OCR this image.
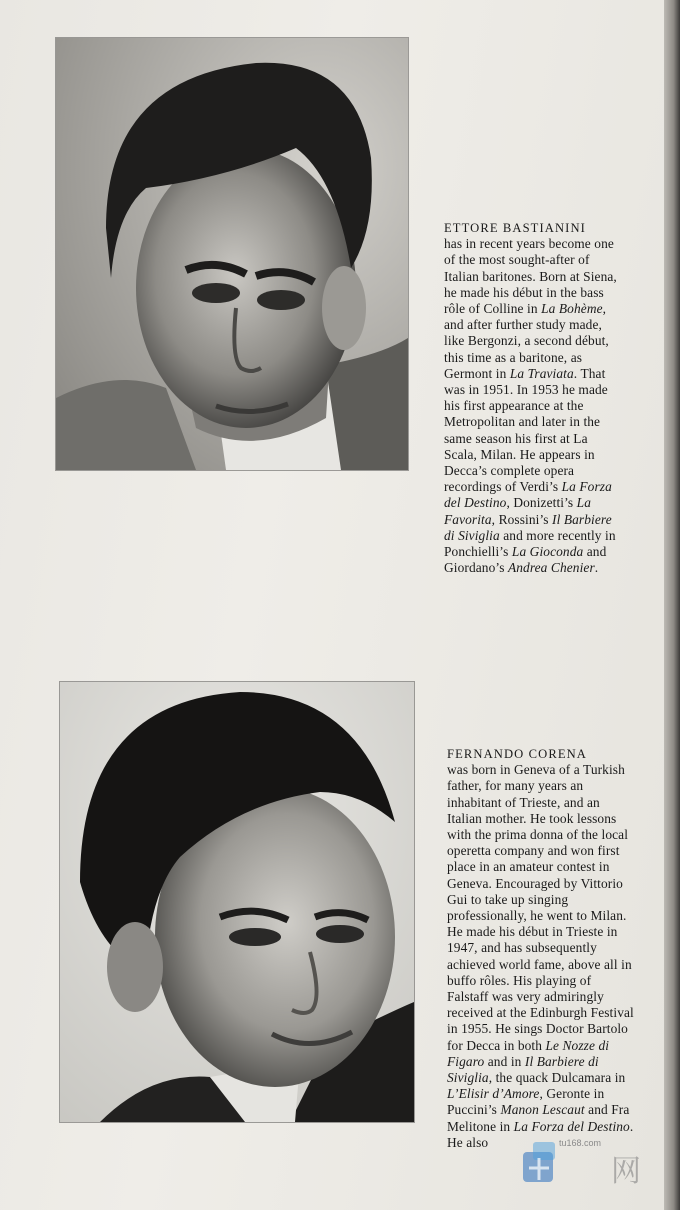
ETTORE BASTIANINI
has in recent years become one of the most sought-after of Italian baritones. Born at Siena, he made his début in the bass rôle of Colline in La Bohème, and after further study made, like Bergonzi, a second début, this time as a baritone, as Germont in La Traviata. That was in 1951. In 1953 he made his first appearance at the Metropolitan and later in the same season his first at La Scala, Milan. He appears in Decca’s complete opera recordings of Verdi’s La Forza del Destino, Donizetti’s La Favorita, Rossini’s Il Barbiere di Siviglia and more recently in Ponchielli’s La Gioconda and Giordano’s Andrea Chenier.
FERNANDO CORENA
was born in Geneva of a Turkish father, for many years an inhabitant of Trieste, and an Italian mother. He took lessons with the prima donna of the local operetta company and won first place in an amateur contest in Geneva. Encouraged by Vittorio Gui to take up singing professionally, he went to Milan. He made his début in Trieste in 1947, and has subsequently achieved world fame, above all in buffo rôles. His playing of Falstaff was very admiringly received at the Edinburgh Festival in 1955. He sings Doctor Bartolo for Decca in both Le Nozze di Figaro and in Il Barbiere di Siviglia, the quack Dulcamara in L’Elisir d’Amore, Geronte in Puccini’s Manon Lescaut and Fra Melitone in La Forza del Destino. He also	tu168.com
网
